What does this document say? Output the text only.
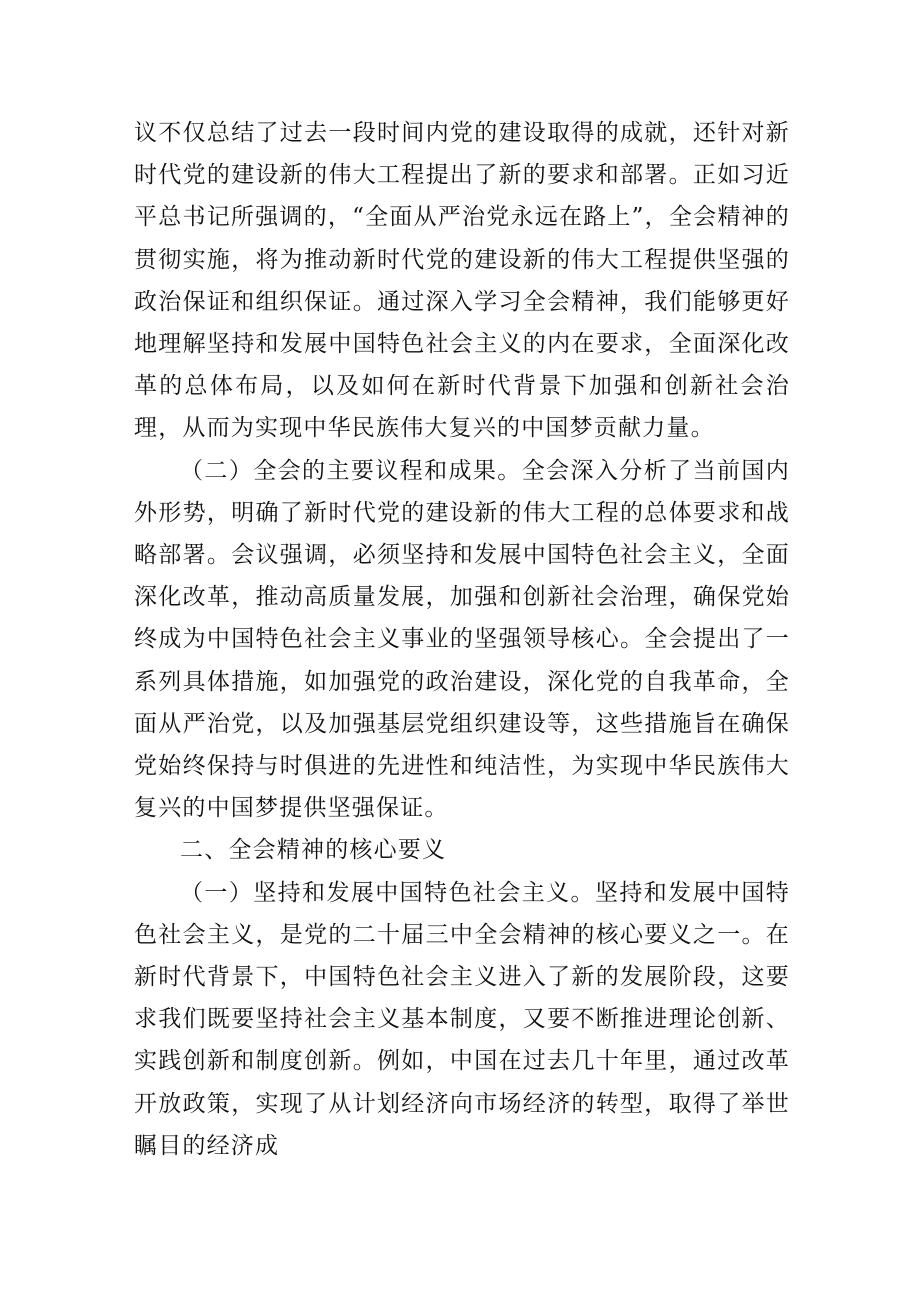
议不仅总结了过去一段时间内党的建设取得的成就，还针对新时代党的建设新的伟大工程提出了新的要求和部署。正如习近平总书记所强调的，“全面从严治党永远在路上”，全会精神的贯彻实施，将为推动新时代党的建设新的伟大工程提供坚强的政治保证和组织保证。通过深入学习全会精神，我们能够更好地理解坚持和发展中国特色社会主义的内在要求，全面深化改革的总体布局，以及如何在新时代背景下加强和创新社会治理，从而为实现中华民族伟大复兴的中国梦贡献力量。

（二）全会的主要议程和成果。全会深入分析了当前国内外形势，明确了新时代党的建设新的伟大工程的总体要求和战略部署。会议强调，必须坚持和发展中国特色社会主义，全面深化改革，推动高质量发展，加强和创新社会治理，确保党始终成为中国特色社会主义事业的坚强领导核心。全会提出了一系列具体措施，如加强党的政治建设，深化党的自我革命，全面从严治党，以及加强基层党组织建设等，这些措施旨在确保党始终保持与时俱进的先进性和纯洁性，为实现中华民族伟大复兴的中国梦提供坚强保证。

二、全会精神的核心要义

（一）坚持和发展中国特色社会主义。坚持和发展中国特色社会主义，是党的二十届三中全会精神的核心要义之一。在新时代背景下，中国特色社会主义进入了新的发展阶段，这要求我们既要坚持社会主义基本制度，又要不断推进理论创新、实践创新和制度创新。例如，中国在过去几十年里，通过改革开放政策，实现了从计划经济向市场经济的转型，取得了举世瞩目的经济成
